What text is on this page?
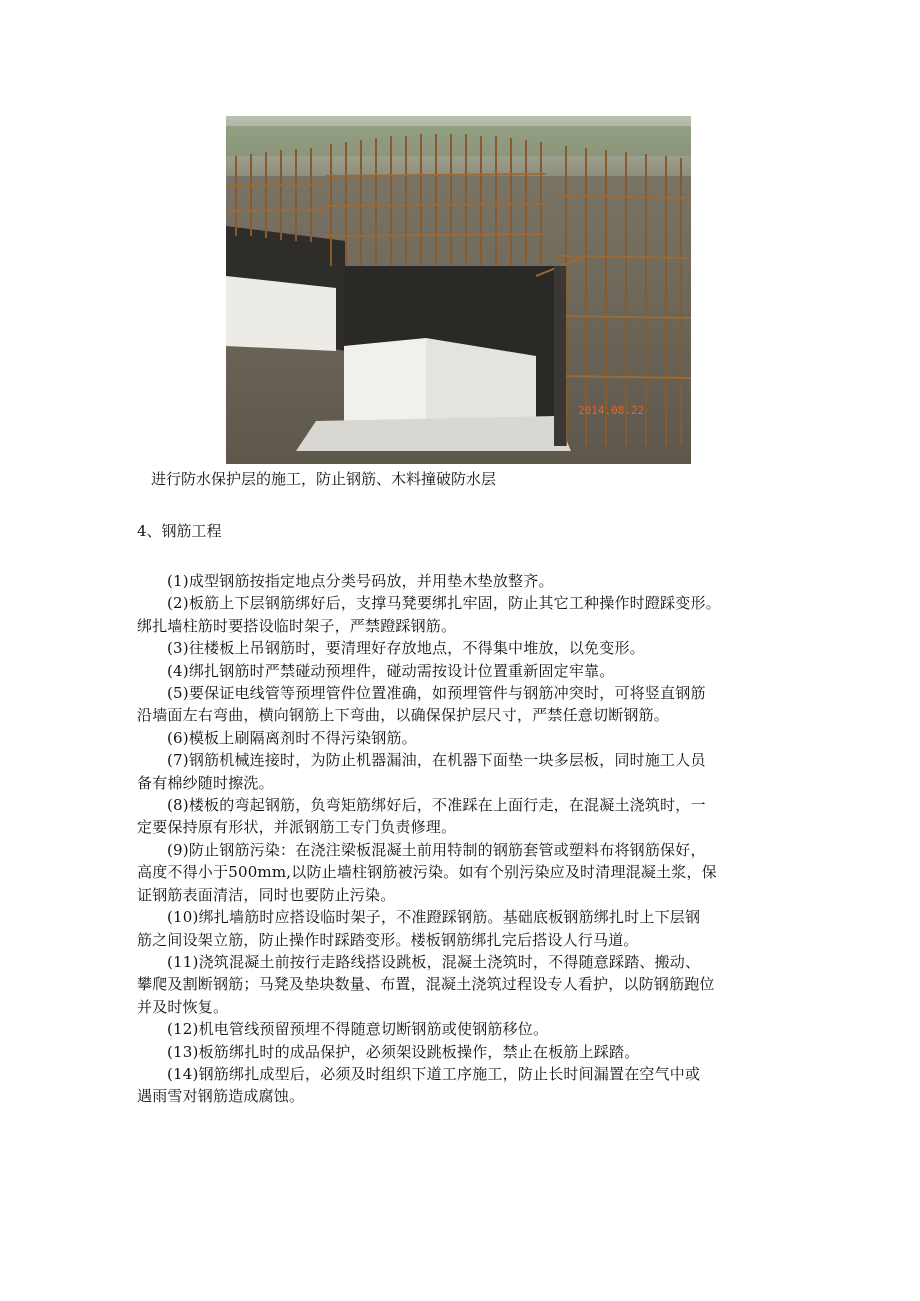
2014.08.22
进行防水保护层的施工，防止钢筋、木料撞破防水层
4、钢筋工程

(1)成型钢筋按指定地点分类号码放，并用垫木垫放整齐。

(2)板筋上下层钢筋绑好后，支撑马凳要绑扎牢固，防止其它工种操作时蹬踩变形。
绑扎墙柱筋时要搭设临时架子，严禁蹬踩钢筋。

(3)往楼板上吊钢筋时，要清理好存放地点，不得集中堆放，以免变形。

(4)绑扎钢筋时严禁碰动预埋件，碰动需按设计位置重新固定牢靠。

(5)要保证电线管等预埋管件位置准确，如预埋管件与钢筋冲突时，可将竖直钢筋
沿墙面左右弯曲，横向钢筋上下弯曲，以确保保护层尺寸，严禁任意切断钢筋。

(6)模板上刷隔离剂时不得污染钢筋。

(7)钢筋机械连接时，为防止机器漏油，在机器下面垫一块多层板，同时施工人员
备有棉纱随时擦洗。

(8)楼板的弯起钢筋，负弯矩筋绑好后，不准踩在上面行走，在混凝土浇筑时，一
定要保持原有形状，并派钢筋工专门负责修理。

(9)防止钢筋污染：在浇注梁板混凝土前用特制的钢筋套管或塑料布将钢筋保好，
高度不得小于500mm,以防止墙柱钢筋被污染。如有个别污染应及时清理混凝土浆，保
证钢筋表面清洁，同时也要防止污染。

(10)绑扎墙筋时应搭设临时架子，不准蹬踩钢筋。基础底板钢筋绑扎时上下层钢
筋之间设架立筋，防止操作时踩踏变形。楼板钢筋绑扎完后搭设人行马道。

(11)浇筑混凝土前按行走路线搭设跳板，混凝土浇筑时，不得随意踩踏、搬动、
攀爬及割断钢筋；马凳及垫块数量、布置，混凝土浇筑过程设专人看护，以防钢筋跑位
并及时恢复。

(12)机电管线预留预埋不得随意切断钢筋或使钢筋移位。

(13)板筋绑扎时的成品保护，必须架设跳板操作，禁止在板筋上踩踏。

(14)钢筋绑扎成型后，必须及时组织下道工序施工，防止长时间漏置在空气中或
遇雨雪对钢筋造成腐蚀。
